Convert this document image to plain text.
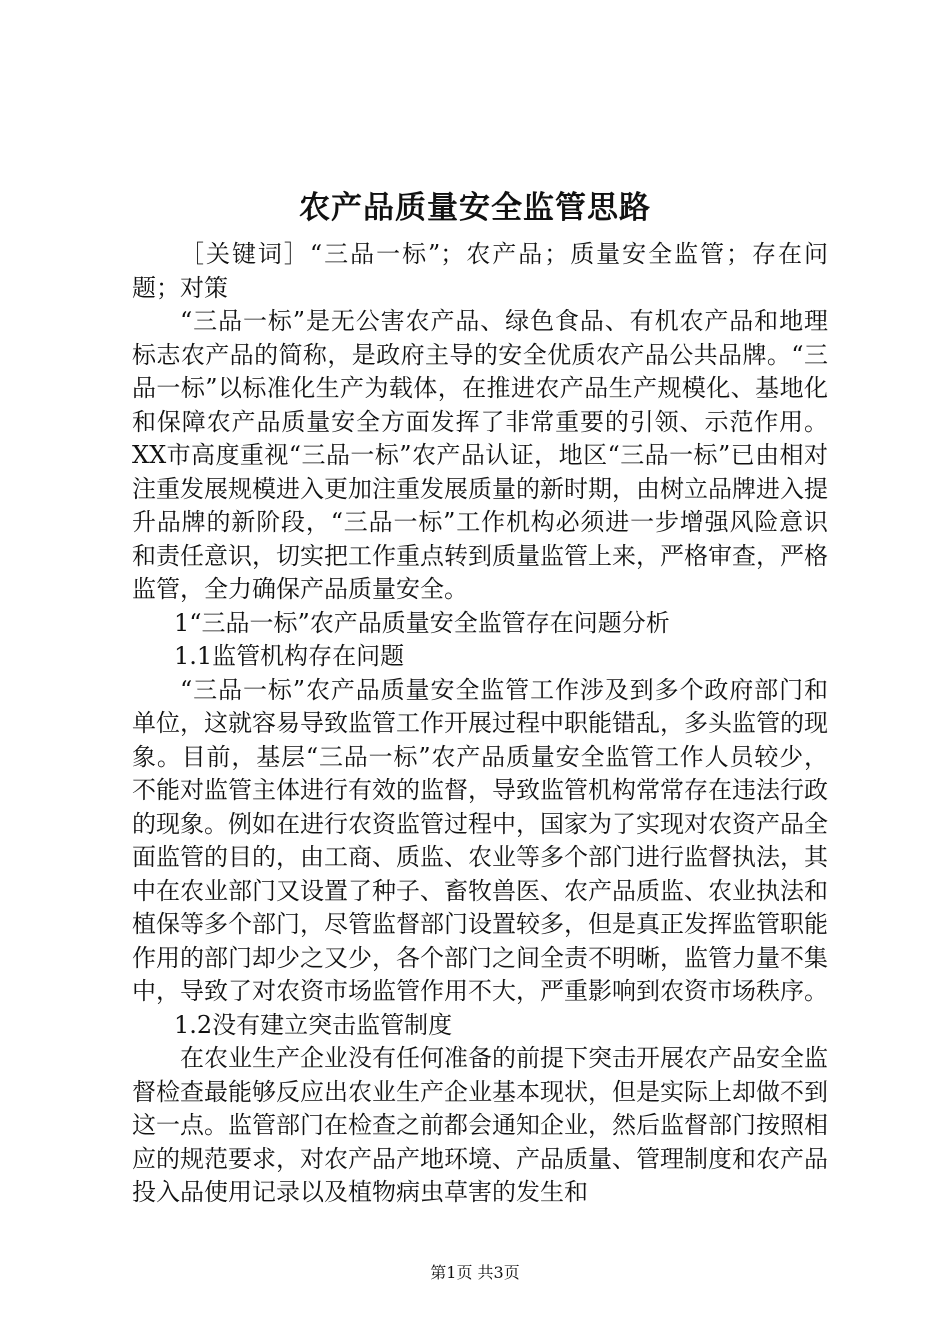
农产品质量安全监管思路

［关键词］“三品一标”；农产品；质量安全监管；存在问题；对策

“三品一标”是无公害农产品、绿色食品、有机农产品和地理标志农产品的简称，是政府主导的安全优质农产品公共品牌。“三品一标”以标准化生产为载体，在推进农产品生产规模化、基地化和保障农产品质量安全方面发挥了非常重要的引领、示范作用。XX市高度重视“三品一标”农产品认证，地区“三品一标”已由相对注重发展规模进入更加注重发展质量的新时期，由树立品牌进入提升品牌的新阶段，“三品一标”工作机构必须进一步增强风险意识和责任意识，切实把工作重点转到质量监管上来，严格审查，严格监管，全力确保产品质量安全。

1“三品一标”农产品质量安全监管存在问题分析

1.1监管机构存在问题

“三品一标”农产品质量安全监管工作涉及到多个政府部门和单位，这就容易导致监管工作开展过程中职能错乱，多头监管的现象。目前，基层“三品一标”农产品质量安全监管工作人员较少，不能对监管主体进行有效的监督，导致监管机构常常存在违法行政的现象。例如在进行农资监管过程中，国家为了实现对农资产品全面监管的目的，由工商、质监、农业等多个部门进行监督执法，其中在农业部门又设置了种子、畜牧兽医、农产品质监、农业执法和植保等多个部门，尽管监督部门设置较多，但是真正发挥监管职能作用的部门却少之又少，各个部门之间全责不明晰，监管力量不集中，导致了对农资市场监管作用不大，严重影响到农资市场秩序。

1.2没有建立突击监管制度

在农业生产企业没有任何准备的前提下突击开展农产品安全监督检查最能够反应出农业生产企业基本现状，但是实际上却做不到这一点。监管部门在检查之前都会通知企业，然后监督部门按照相应的规范要求，对农产品产地环境、产品质量、管理制度和农产品投入品使用记录以及植物病虫草害的发生和

第1页 共3页
